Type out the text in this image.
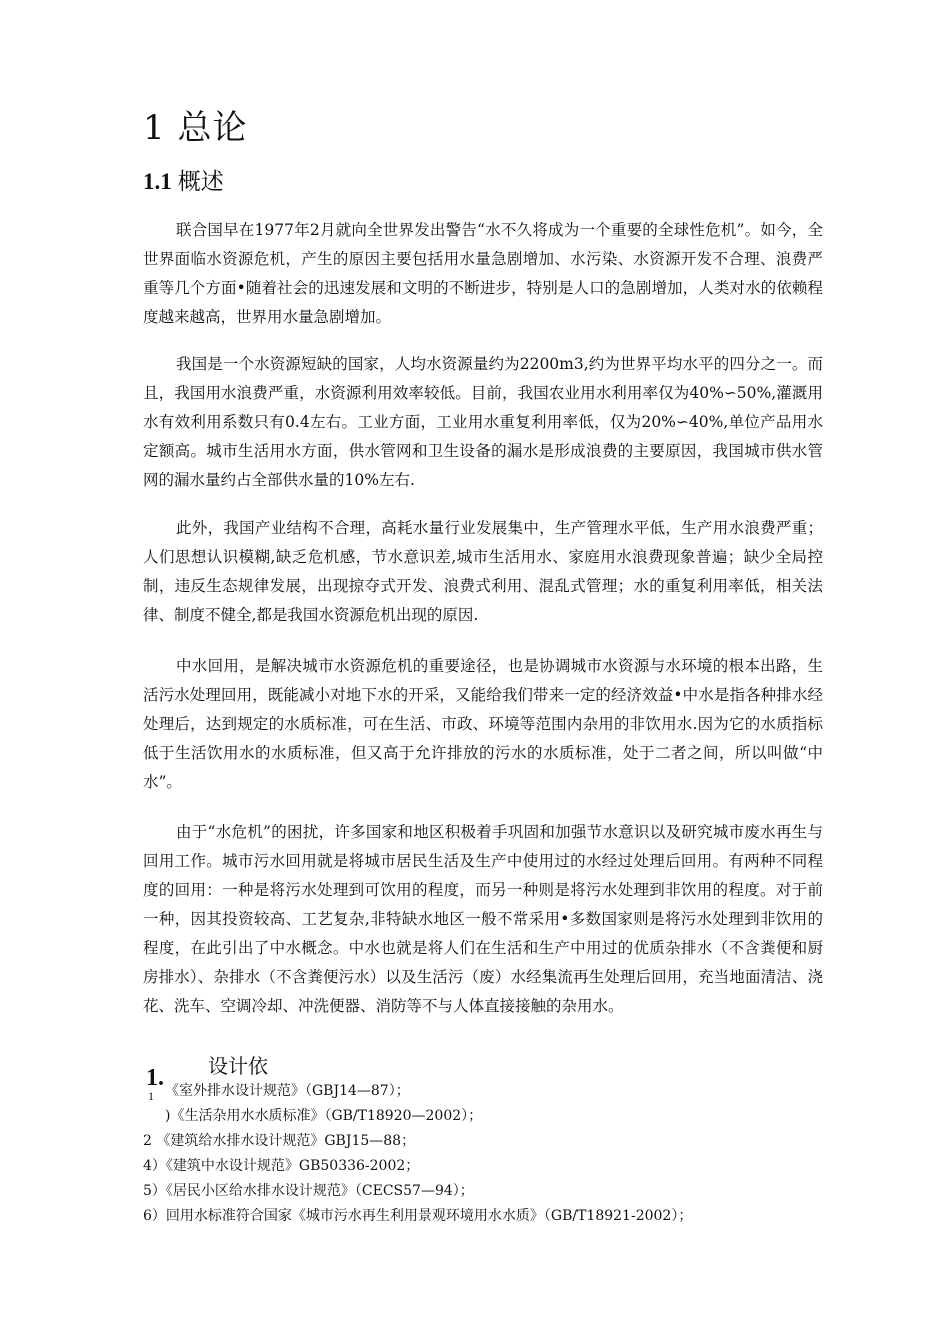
1 总论
1.1 概述

联合国早在1977年2月就向全世界发出警告“水不久将成为一个重要的全球性危机”。如今，全世界面临水资源危机，产生的原因主要包括用水量急剧增加、水污染、水资源开发不合理、浪费严重等几个方面•随着社会的迅速发展和文明的不断进步，特别是人口的急剧增加，人类对水的依赖程度越来越高，世界用水量急剧增加。

我国是一个水资源短缺的国家，人均水资源量约为2200m3,约为世界平均水平的四分之一。而且，我国用水浪费严重，水资源利用效率较低。目前，我国农业用水利用率仅为40%∽50%,灌溉用水有效利用系数只有0.4左右。工业方面，工业用水重复利用率低，仅为20%∽40%,单位产品用水定额高。城市生活用水方面，供水管网和卫生设备的漏水是形成浪费的主要原因，我国城市供水管网的漏水量约占全部供水量的10%左右.

此外，我国产业结构不合理，高耗水量行业发展集中，生产管理水平低，生产用水浪费严重；人们思想认识模糊,缺乏危机感，节水意识差,城市生活用水、家庭用水浪费现象普遍；缺少全局控制，违反生态规律发展，出现掠夺式开发、浪费式利用、混乱式管理；水的重复利用率低，相关法律、制度不健全,都是我国水资源危机出现的原因.

中水回用，是解决城市水资源危机的重要途径，也是协调城市水资源与水环境的根本出路，生活污水处理回用，既能减小对地下水的开采，又能给我们带来一定的经济效益•中水是指各种排水经处理后，达到规定的水质标准，可在生活、市政、环境等范围内杂用的非饮用水.因为它的水质指标低于生活饮用水的水质标准，但又高于允许排放的污水的水质标准，处于二者之间，所以叫做“中水”。

由于“水危机”的困扰，许多国家和地区积极着手巩固和加强节水意识以及研究城市废水再生与回用工作。城市污水回用就是将城市居民生活及生产中使用过的水经过处理后回用。有两种不同程度的回用：一种是将污水处理到可饮用的程度，而另一种则是将污水处理到非饮用的程度。对于前一种，因其投资较高、工艺复杂,非特缺水地区一般不常采用•多数国家则是将污水处理到非饮用的程度，在此引出了中水概念。中水也就是将人们在生活和生产中用过的优质杂排水（不含粪便和厨房排水）、杂排水（不含粪便污水）以及生活污（废）水经集流再生处理后回用，充当地面清洁、浇花、洗车、空调冷却、冲洗便器、消防等不与人体直接接触的杂用水。

设计依
1.
1 《室外排水设计规范》（GBJ14—87）；
)《生活杂用水水质标准》（GB/T18920—2002）；
2 《建筑给水排水设计规范》GBJ15—88；
4）《建筑中水设计规范》GB50336-2002；
5）《居民小区给水排水设计规范》（CECS57—94）；
6）回用水标准符合国家《城市污水再生利用景观环境用水水质》（GB/T18921-2002）；
